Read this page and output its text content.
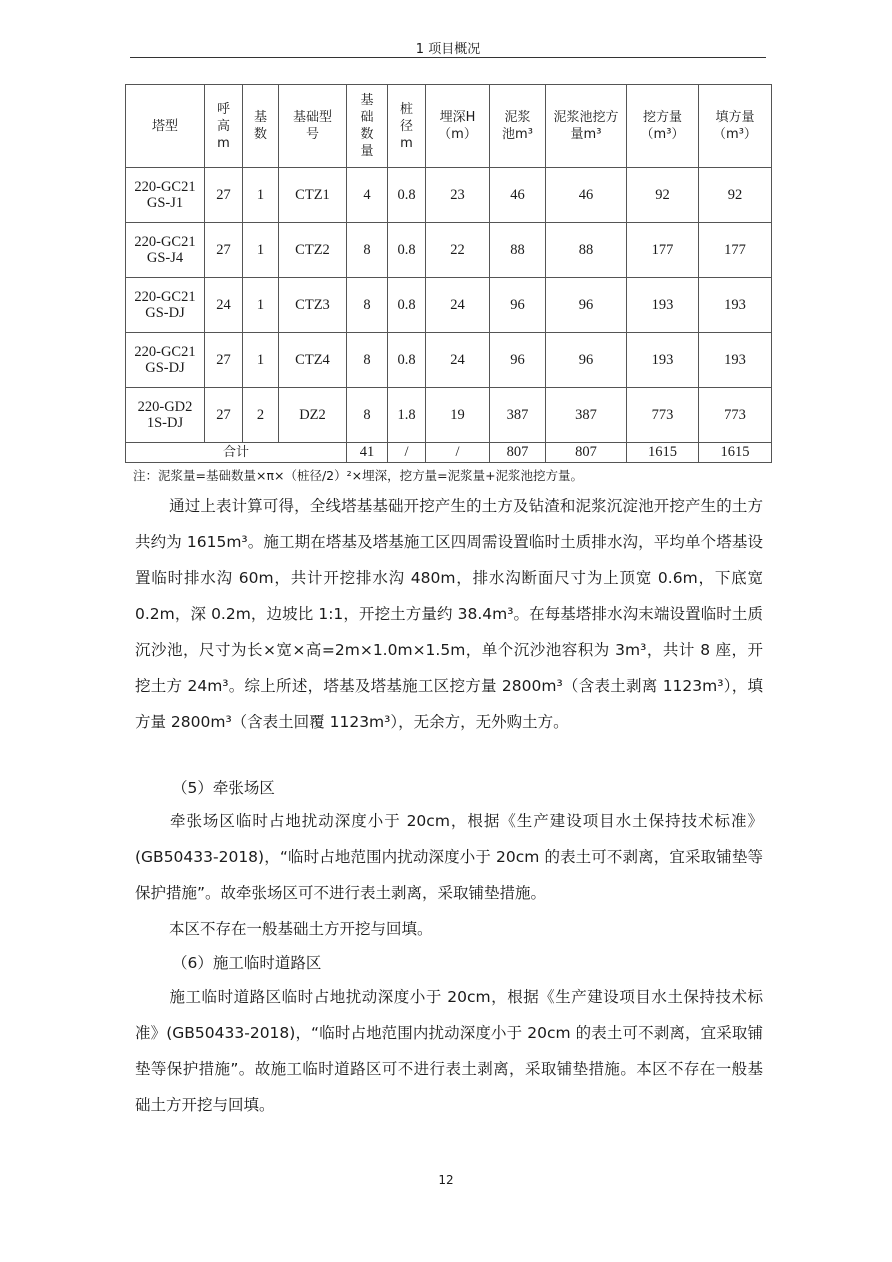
1 项目概况
塔型	呼高m	基数	基础型号	基础数量	桩径m	埋深H（m）	泥浆池m³	泥浆池挖方量m³	挖方量（m³）	填方量（m³）
220-GC21GS-J1	27	1	CTZ1	4	0.8	23	46	46	92	92
220-GC21GS-J4	27	1	CTZ2	8	0.8	22	88	88	177	177
220-GC21GS-DJ	24	1	CTZ3	8	0.8	24	96	96	193	193
220-GC21GS-DJ	27	1	CTZ4	8	0.8	24	96	96	193	193
220-GD21S-DJ	27	2	DZ2	8	1.8	19	387	387	773	773
合计				41	/	/	807	807	1615	1615
注：泥浆量=基础数量×π×（桩径/2）²×埋深，挖方量=泥浆量+泥浆池挖方量。
通过上表计算可得，全线塔基基础开挖产生的土方及钻渣和泥浆沉淀池开挖产生的土方共约为 1615m³。施工期在塔基及塔基施工区四周需设置临时土质排水沟，平均单个塔基设置临时排水沟 60m，共计开挖排水沟 480m，排水沟断面尺寸为上顶宽 0.6m，下底宽 0.2m，深 0.2m，边坡比 1:1，开挖土方量约 38.4m³。在每基塔排水沟末端设置临时土质沉沙池，尺寸为长×宽×高=2m×1.0m×1.5m，单个沉沙池容积为 3m³，共计 8 座，开挖土方 24m³。综上所述，塔基及塔基施工区挖方量 2800m³（含表土剥离 1123m³），填方量 2800m³（含表土回覆 1123m³），无余方，无外购土方。
（5）牵张场区
牵张场区临时占地扰动深度小于 20cm，根据《生产建设项目水土保持技术标准》(GB50433-2018)，“临时占地范围内扰动深度小于 20cm 的表土可不剥离，宜采取铺垫等保护措施”。故牵张场区可不进行表土剥离，采取铺垫措施。
本区不存在一般基础土方开挖与回填。
（6）施工临时道路区
施工临时道路区临时占地扰动深度小于 20cm，根据《生产建设项目水土保持技术标准》(GB50433-2018)，“临时占地范围内扰动深度小于 20cm 的表土可不剥离，宜采取铺垫等保护措施”。故施工临时道路区可不进行表土剥离，采取铺垫措施。本区不存在一般基础土方开挖与回填。
12
